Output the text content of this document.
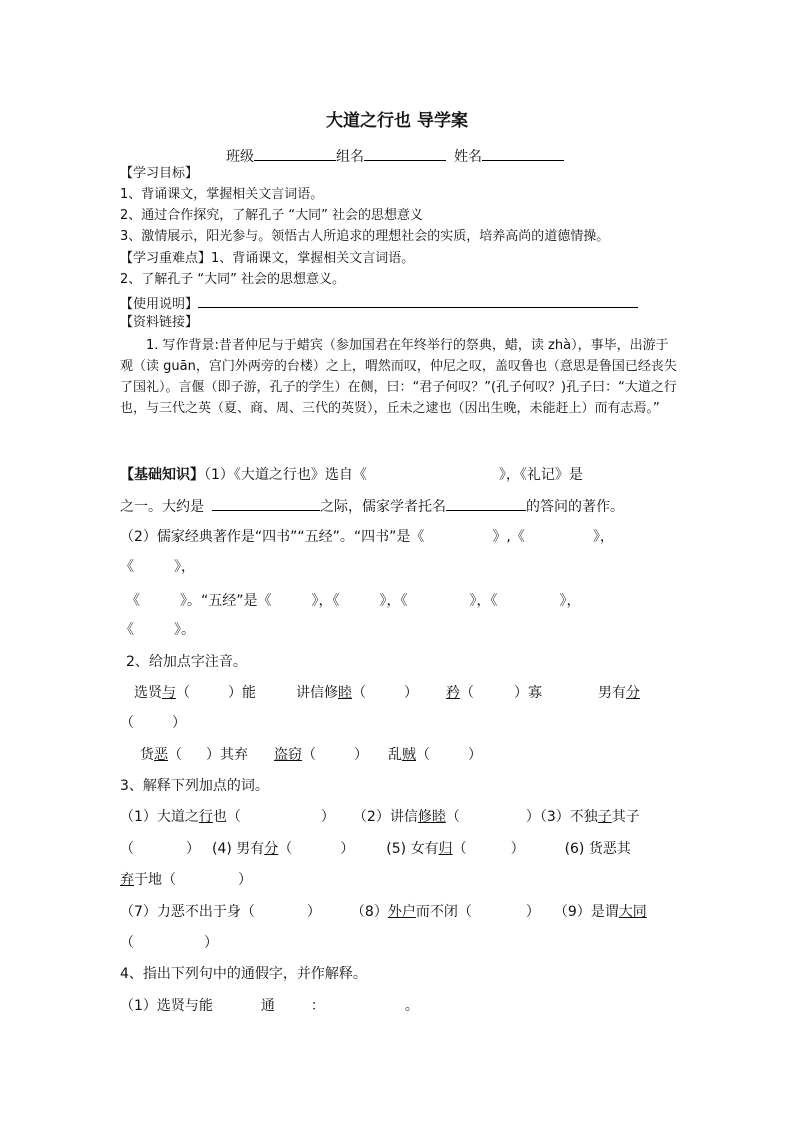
大道之行也 导学案
班级	组名	姓名
【学习目标】
1、背诵课文，掌握相关文言词语。
2、通过合作探究，了解孔子 “大同” 社会的思想意义
3、激情展示，阳光参与。领悟古人所追求的理想社会的实质，培养高尚的道德情操。
【学习重难点】1、背诵课文，掌握相关文言词语。
2、了解孔子 “大同” 社会的思想意义。
【使用说明】
【资料链接】
1. 写作背景:昔者仲尼与于蜡宾（参加国君在年终举行的祭典，蜡，读 zhà），事毕，出游于观（读 guān，宫门外两旁的台楼）之上，喟然而叹，仲尼之叹，盖叹鲁也（意思是鲁国已经丧失了国礼）。言偃（即子游，孔子的学生）在侧，曰：“君子何叹？”(孔子何叹？)孔子曰：“大道之行也，与三代之英（夏、商、周、三代的英贤），丘未之逮也（因出生晚，未能赶上）而有志焉。”
【基础知识】（1）《大道之行也》选自《	》，《礼记》是
之一。大约是	之际，儒家学者托名	的答问的著作。
（2）儒家经典著作是“四书”“五经”。“四书”是《	》,《	》，
《	》，
《	》。“五经”是《	》，《	》，《	》，《	》，
《	》。
2、给加点字注音。
选贤与（	）能	讲信修睦（	） 矜（	）寡	男有分
（	）
货恶（ ）其弃 盗窃（	） 乱贼（	）
3、解释下列加点的词。
（1）大道之行也（	） （2）讲信修睦（	）（3）不独子其子
（	） (4) 男有分（	） (5) 女有归（	）	(6) 货恶其
弃于地（	）
（7）力恶不出于身（	） （8）外户而不闭（	） （9）是谓大同
（	）
4、指出下列句中的通假字，并作解释。
（1）选贤与能	通	：	。
